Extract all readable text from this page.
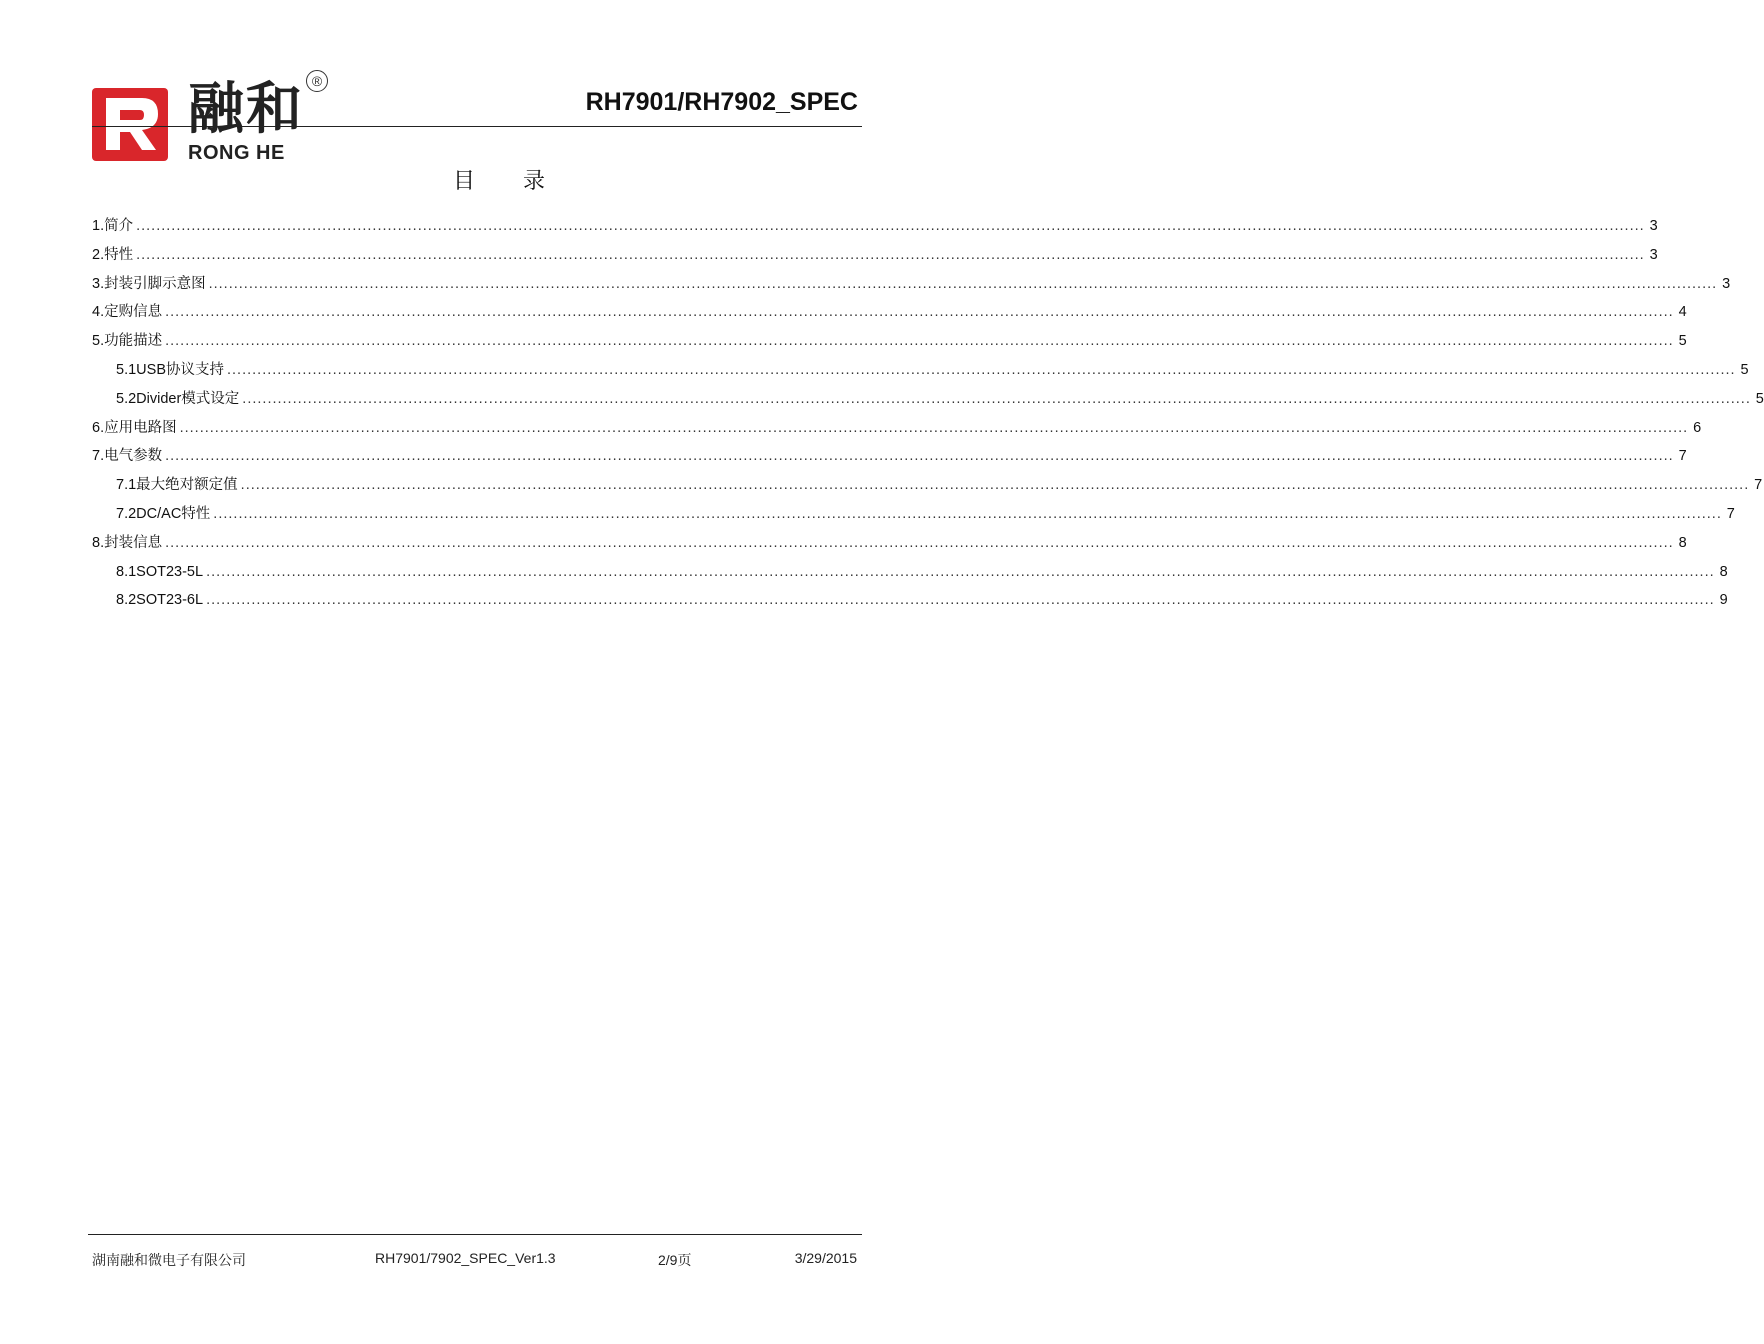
融和
RONG HE
®
RH7901/RH7902_SPEC
目录
1. 简介 ............................................................................................................................................................................................................................................................................................................ 3
2. 特性 ............................................................................................................................................................................................................................................................................................................ 3
3. 封装引脚示意图 ............................................................................................................................................................................................................................................................................................................ 3
4. 定购信息 ............................................................................................................................................................................................................................................................................................................ 4
5. 功能描述 ............................................................................................................................................................................................................................................................................................................ 5
5.1 USB协议支持 ............................................................................................................................................................................................................................................................................................................ 5
5.2 Divider模式设定 ............................................................................................................................................................................................................................................................................................................ 5
6. 应用电路图 ............................................................................................................................................................................................................................................................................................................ 6
7. 电气参数 ............................................................................................................................................................................................................................................................................................................ 7
7.1 最大绝对额定值 ............................................................................................................................................................................................................................................................................................................ 7
7.2 DC/AC特性 ............................................................................................................................................................................................................................................................................................................ 7
8. 封装信息 ............................................................................................................................................................................................................................................................................................................ 8
8.1 SOT23-5L ............................................................................................................................................................................................................................................................................................................ 8
8.2 SOT23-6L ............................................................................................................................................................................................................................................................................................................ 9
湖南融和微电子有限公司	RH7901/7902_SPEC_Ver1.3	2/9页	3/29/2015
